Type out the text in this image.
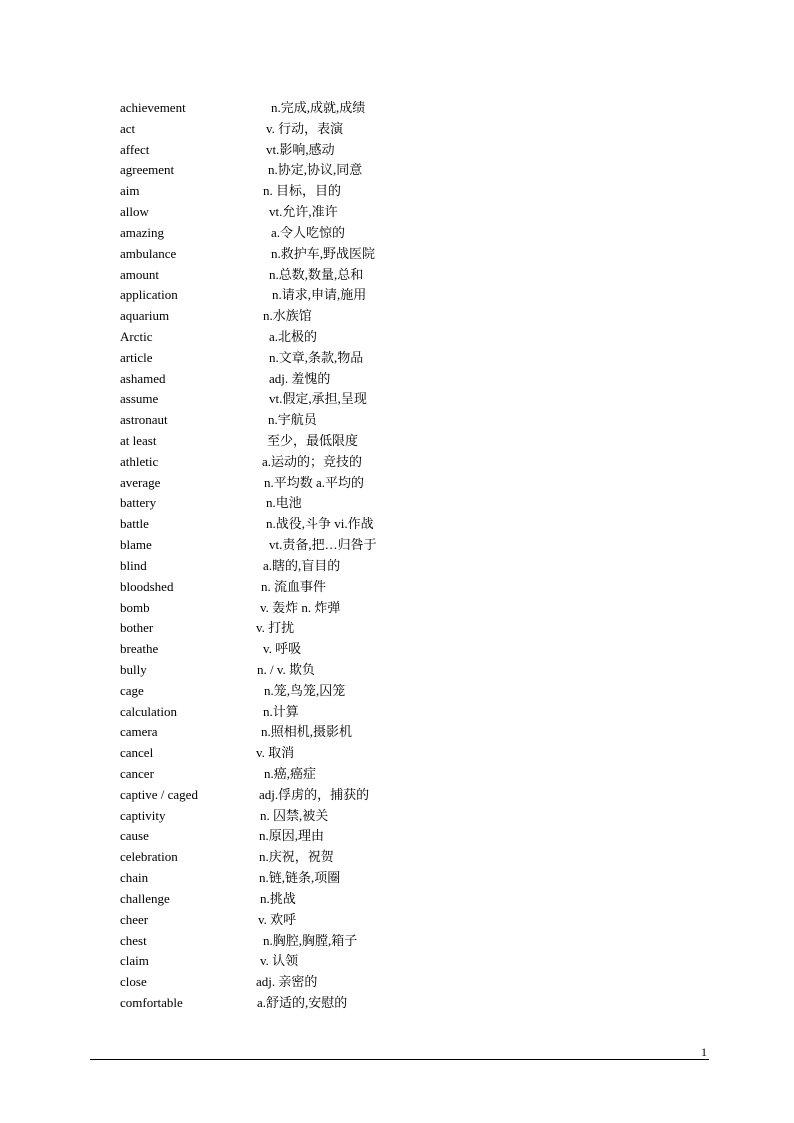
achievement	n.完成,成就,成绩
act	v. 行动，表演
affect	vt.影响,感动
agreement	n.协定,协议,同意
aim	n. 目标，目的
allow	vt.允许,准许
amazing	a.令人吃惊的
ambulance	n.救护车,野战医院
amount	n.总数,数量,总和
application	n.请求,申请,施用
aquarium	n.水族馆
Arctic	a.北极的
article	n.文章,条款,物品
ashamed	adj. 羞愧的
assume	vt.假定,承担,呈现
astronaut	n.宇航员
at least	至少，最低限度
athletic	a.运动的；竞技的
average	n.平均数 a.平均的
battery	n.电池
battle	n.战役,斗争 vi.作战
blame	vt.责备,把…归咎于
blind	a.瞎的,盲目的
bloodshed	n. 流血事件
bomb	v. 轰炸 n. 炸弹
bother	v. 打扰
breathe	v. 呼吸
bully	n. / v. 欺负
cage	n.笼,鸟笼,囚笼
calculation	n.计算
camera	n.照相机,摄影机
cancel	v. 取消
cancer	n.癌,癌症
captive / caged	adj.俘虏的，捕获的
captivity	n. 囚禁,被关
cause	n.原因,理由
celebration	n.庆祝，祝贺
chain	n.链,链条,项圈
challenge	n.挑战
cheer	v. 欢呼
chest	n.胸腔,胸膛,箱子
claim	v. 认领
close	adj. 亲密的
comfortable	a.舒适的,安慰的
1
